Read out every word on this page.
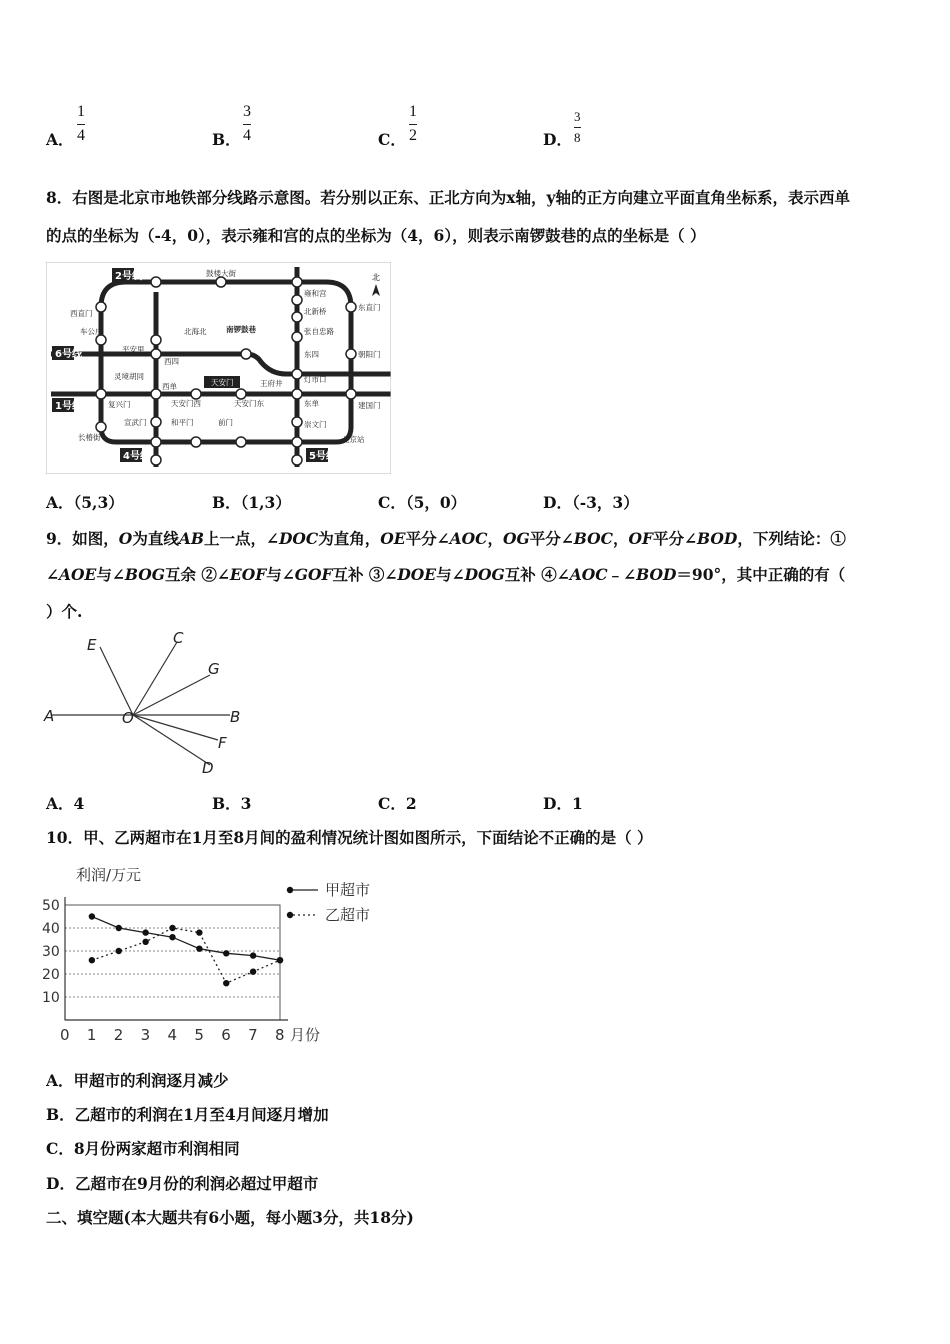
A．
1
4	B．
3
4	C．
1
2	D．
3
8
8．右图是北京市地铁部分线路示意图。若分别以正东、正北方向为x轴，y轴的正方向建立平面直角坐标系，表示西单
的点的坐标为（-4，0），表示雍和宫的点的坐标为（4，6），则表示南锣鼓巷的点的坐标是（ ）
2号线
6号线
1号线
4号线	5号线
北
鼓楼大街
雍和宫
北新桥
张自忠路
东四
灯市口
东单
崇文门
北京站
东直门
朝阳门
建国门
西直门
车公庄
平安里
西四
灵境胡同
西单
复兴门
长椿街
宣武门	和平门	前门
天安门西	天安门东
王府井
北海北	南锣鼓巷
天安门
A．（5,3）	B．（1,3）	C．（5，0）	D．（-3，3）
9．如图，O为直线AB上一点，∠DOC为直角，OE平分∠AOC，OG平分∠BOC，OF平分∠BOD，下列结论：①
∠AOE与∠BOG互余 ②∠EOF与∠GOF互补 ③∠DOE与∠DOG互补 ④∠AOC﹣∠BOD＝90°，其中正确的有（
）个.
E	C
G
A	O	B
F
D
A．4	B．3	C．2	D．1
10．甲、乙两超市在1月至8月间的盈利情况统计图如图所示，下面结论不正确的是（ ）
利润/万元
月份
10
20
30
40
50
0 1 2 3 4 5 6 7 8
甲超市
乙超市
A．甲超市的利润逐月减少
B．乙超市的利润在1月至4月间逐月增加
C．8月份两家超市利润相同
D．乙超市在9月份的利润必超过甲超市
二、填空题(本大题共有6小题，每小题3分，共18分)
